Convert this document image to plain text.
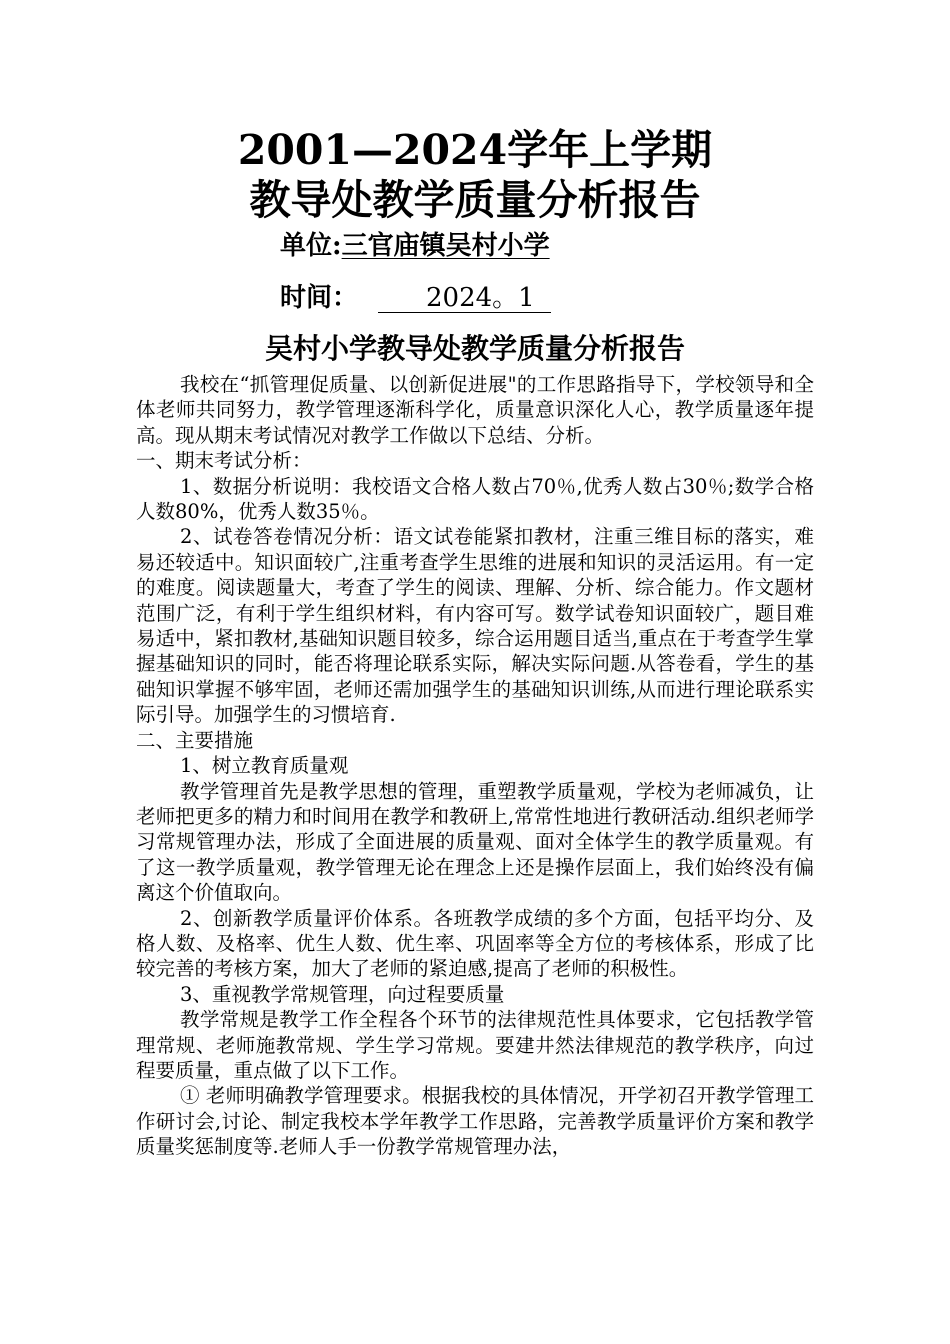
2001—2024学年上学期
教导处教学质量分析报告
单位:三官庙镇吴村小学
时间：	2024。1
吴村小学教导处教学质量分析报告

我校在“抓管理促质量、以创新促进展"的工作思路指导下，学校领导和全体老师共同努力，教学管理逐渐科学化，质量意识深化人心，教学质量逐年提高。现从期末考试情况对教学工作做以下总结、分析。

一、期末考试分析：

1、数据分析说明：我校语文合格人数占70％,优秀人数占30％;数学合格人数80%，优秀人数35％。

2、试卷答卷情况分析：语文试卷能紧扣教材，注重三维目标的落实，难易还较适中。知识面较广,注重考查学生思维的进展和知识的灵活运用。有一定的难度。阅读题量大，考查了学生的阅读、理解、分析、综合能力。作文题材范围广泛，有利于学生组织材料，有内容可写。数学试卷知识面较广，题目难易适中，紧扣教材,基础知识题目较多，综合运用题目适当,重点在于考查学生掌握基础知识的同时，能否将理论联系实际，解决实际问题.从答卷看，学生的基础知识掌握不够牢固，老师还需加强学生的基础知识训练,从而进行理论联系实际引导。加强学生的习惯培育.

二、主要措施

1、树立教育质量观

教学管理首先是教学思想的管理，重塑教学质量观，学校为老师减负，让老师把更多的精力和时间用在教学和教研上,常常性地进行教研活动.组织老师学习常规管理办法，形成了全面进展的质量观、面对全体学生的教学质量观。有了这一教学质量观，教学管理无论在理念上还是操作层面上，我们始终没有偏离这个价值取向。

2、创新教学质量评价体系。各班教学成绩的多个方面，包括平均分、及格人数、及格率、优生人数、优生率、巩固率等全方位的考核体系，形成了比较完善的考核方案，加大了老师的紧迫感,提高了老师的积极性。

3、重视教学常规管理，向过程要质量

教学常规是教学工作全程各个环节的法律规范性具体要求，它包括教学管理常规、老师施教常规、学生学习常规。要建井然法律规范的教学秩序，向过程要质量，重点做了以下工作。

① 老师明确教学管理要求。根据我校的具体情况，开学初召开教学管理工作研讨会,讨论、制定我校本学年教学工作思路，完善教学质量评价方案和教学质量奖惩制度等.老师人手一份教学常规管理办法，
